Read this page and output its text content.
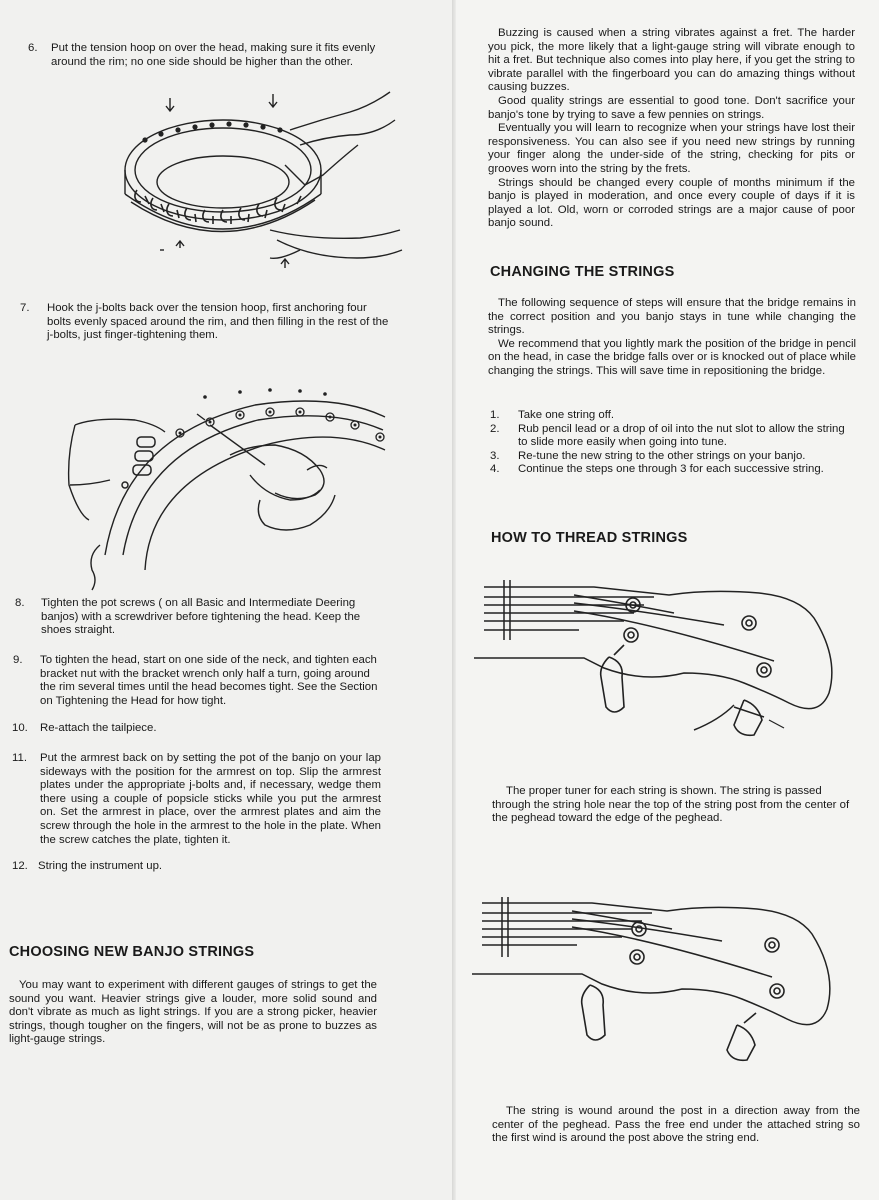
6. Put the tension hoop on over the head, making sure it fits evenly around the rim; no one side should be higher than the other.

7. Hook the j-bolts back over the tension hoop, first anchoring four bolts evenly spaced around the rim, and then filling in the rest of the j-bolts, just finger-tightening them.

8. Tighten the pot screws ( on all Basic and Intermediate Deering banjos) with a screwdriver before tightening the head. Keep the shoes straight.

9. To tighten the head, start on one side of the neck, and tighten each bracket nut with the bracket wrench only half a turn, going around the rim several times until the head becomes tight. See the Section on Tightening the Head for how tight.

10. Re-attach the tailpiece.

11. Put the armrest back on by setting the pot of the banjo on your lap sideways with the position for the armrest on top. Slip the armrest plates under the appropriate j-bolts and, if necessary, wedge them there using a couple of popsicle sticks while you put the armrest on. Set the armrest in place, over the armrest plates and aim the screw through the hole in the armrest to the hole in the plate. When the screw catches the plate, tighten it.

12. String the instrument up.

CHOOSING NEW BANJO STRINGS

You may want to experiment with different gauges of strings to get the sound you want. Heavier strings give a louder, more solid sound and don't vibrate as much as light strings. If you are a strong picker, heavier strings, though tougher on the fingers, will not be as prone to buzzes as light-gauge strings.

Buzzing is caused when a string vibrates against a fret. The harder you pick, the more likely that a light-gauge string will vibrate enough to hit a fret. But technique also comes into play here, if you get the string to vibrate parallel with the fingerboard you can do amazing things without causing buzzes.

Good quality strings are essential to good tone. Don't sacrifice your banjo's tone by trying to save a few pennies on strings.

Eventually you will learn to recognize when your strings have lost their responsiveness. You can also see if you need new strings by running your finger along the under-side of the string, checking for pits or grooves worn into the string by the frets.

Strings should be changed every couple of months minimum if the banjo is played in moderation, and once every couple of days if it is played a lot. Old, worn or corroded strings are a major cause of poor banjo sound.

CHANGING THE STRINGS

The following sequence of steps will ensure that the bridge remains in the correct position and you banjo stays in tune while changing the strings.

We recommend that you lightly mark the position of the bridge in pencil on the head, in case the bridge falls over or is knocked out of place while changing the strings. This will save time in repositioning the bridge.

1. Take one string off.

2. Rub pencil lead or a drop of oil into the nut slot to allow the string to slide more easily when going into tune.

3. Re-tune the new string to the other strings on your banjo.

4. Continue the steps one through 3 for each successive string.

HOW TO THREAD STRINGS

The proper tuner for each string is shown. The string is passed through the string hole near the top of the string post from the center of the peghead toward the edge of the peghead.

The string is wound around the post in a direction away from the center of the peghead. Pass the free end under the attached string so the first wind is around the post above the string end.
